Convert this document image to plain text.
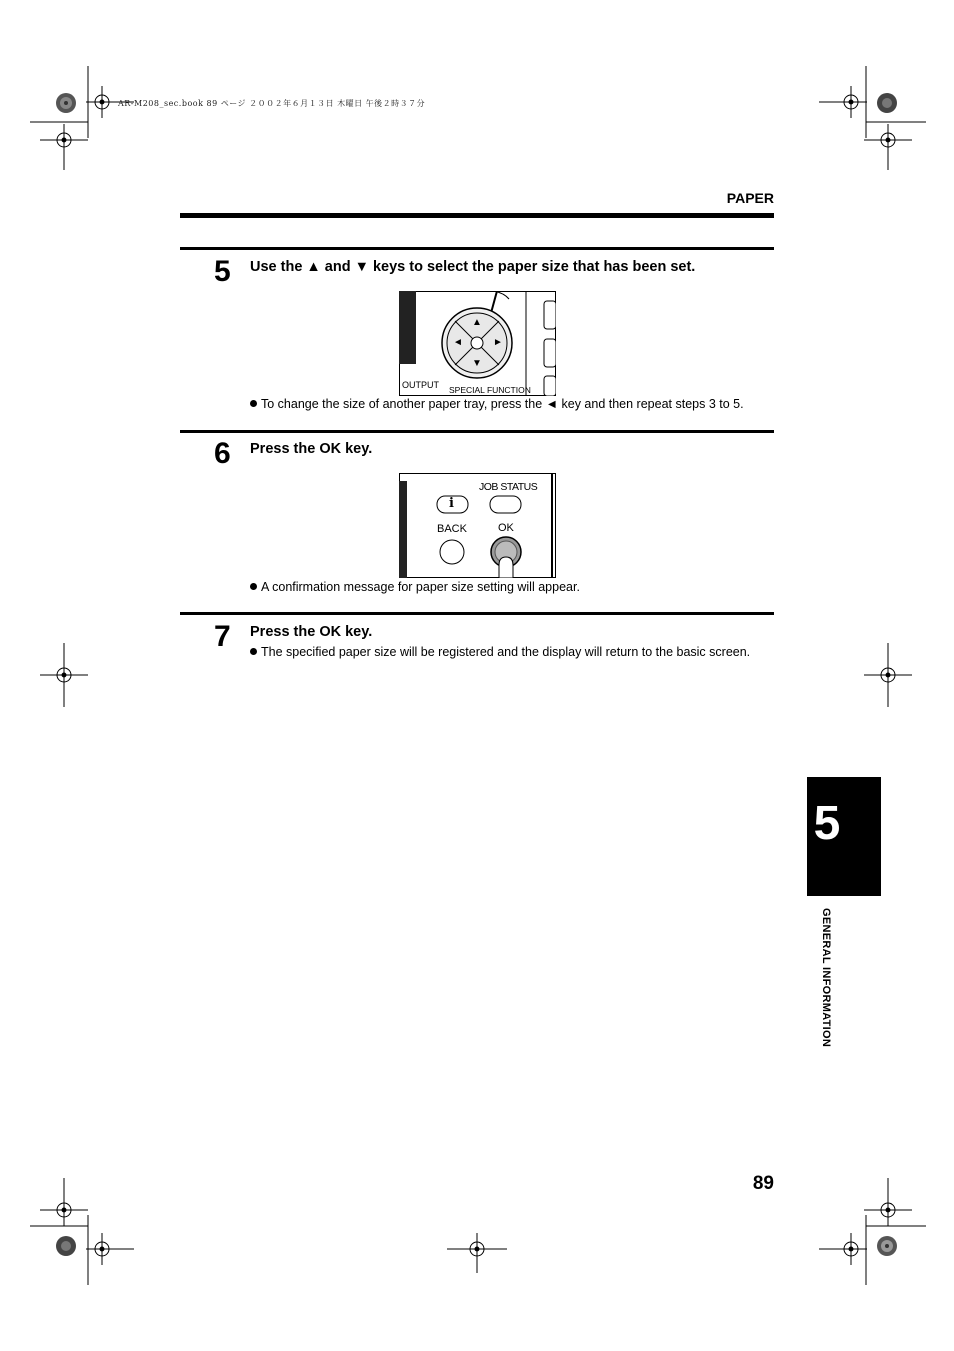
AR-M208_sec.book 89 ページ ２００２年６月１３日 木曜日 午後２時３７分
PAPER
5 Use the ▲ and ▼ keys to select the paper size that has been set.
▲
▼
◄	►
OUTPUT SPECIAL FUNCTION
To change the size of another paper tray, press the ◄ key and then repeat steps 3 to 5.
6 Press the OK key.
i
JOB STATUS
BACK	OK
A confirmation message for paper size setting will appear.
7 Press the OK key.
The specified paper size will be registered and the display will return to the basic screen.
5
GENERAL INFORMATION
89
